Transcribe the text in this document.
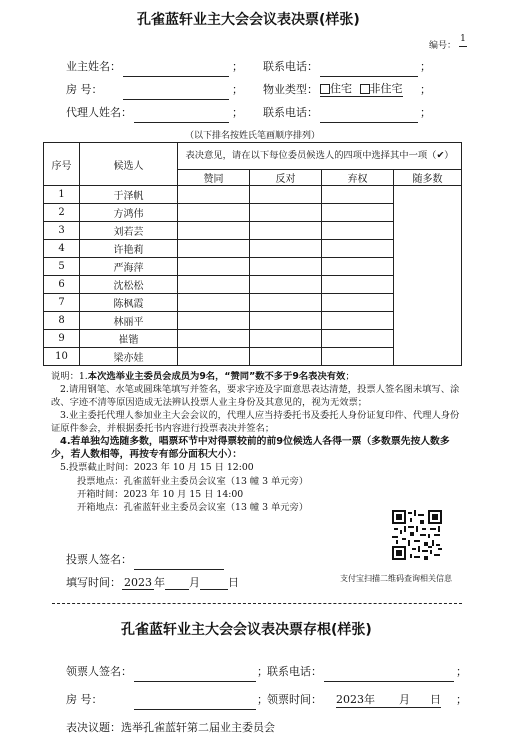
孔雀蓝轩业主大会会议表决票(样张)
编号：
1
业主姓名：	； 联系电话：	；
房 号：	； 物业类型：	住宅 非住宅 ；
代理人姓名：	； 联系电话：	；
（以下排名按姓氏笔画顺序排列）
序号	候选人	表决意见，请在以下每位委员候选人的四项中选择其中一项（✔）			
		赞同	反对	弃权	随多数
1	于泽帆				
2	方鸿伟				
3	刘若芸				
4	许艳莉				
5	严海萍				
6	沈松松				
7	陈枫霞				
8	林丽平				
9	崔锴				
10	梁亦娃				

说明：1.本次选举业主委员会成员为9名，“赞同”数不多于9名表决有效；

2.请用钢笔、水笔或圆珠笔填写并签名，要求字迹及字面意思表达清楚，投票人签名图未填写、涂改、字迹不清等原因造成无法辨认投票人业主身份及其意见的，视为无效票；

3.业主委托代理人参加业主大会会议的，代理人应当持委托书及委托人身份证复印件、代理人身份证原件参会，并根据委托书内容进行投票表决并签名；

4.若单独勾选随多数，唱票环节中对得票较前的前9位候选人各得一票（多数票先按人数多少，若人数相等，再按专有部分面积大小）：

5.投票截止时间：2023 年 10 月 15 日 12:00

投票地点：孔雀蓝轩业主委员会议室（13 幢 3 单元旁）

开箱时间：2023 年 10 月 15 日 14:00

开箱地点：孔雀蓝轩业主委员会议室（13 幢 3 单元旁）

投票人签名：
填写时间： 2023 年 月	日	支付宝扫描二维码查询相关信息
孔雀蓝轩业主大会会议表决票存根(样张)
领票人签名：	； 联系电话：	；
房 号：	； 领票时间： 2023年 月 日 ；
表决议题：选举孔雀蓝轩第二届业主委员会
